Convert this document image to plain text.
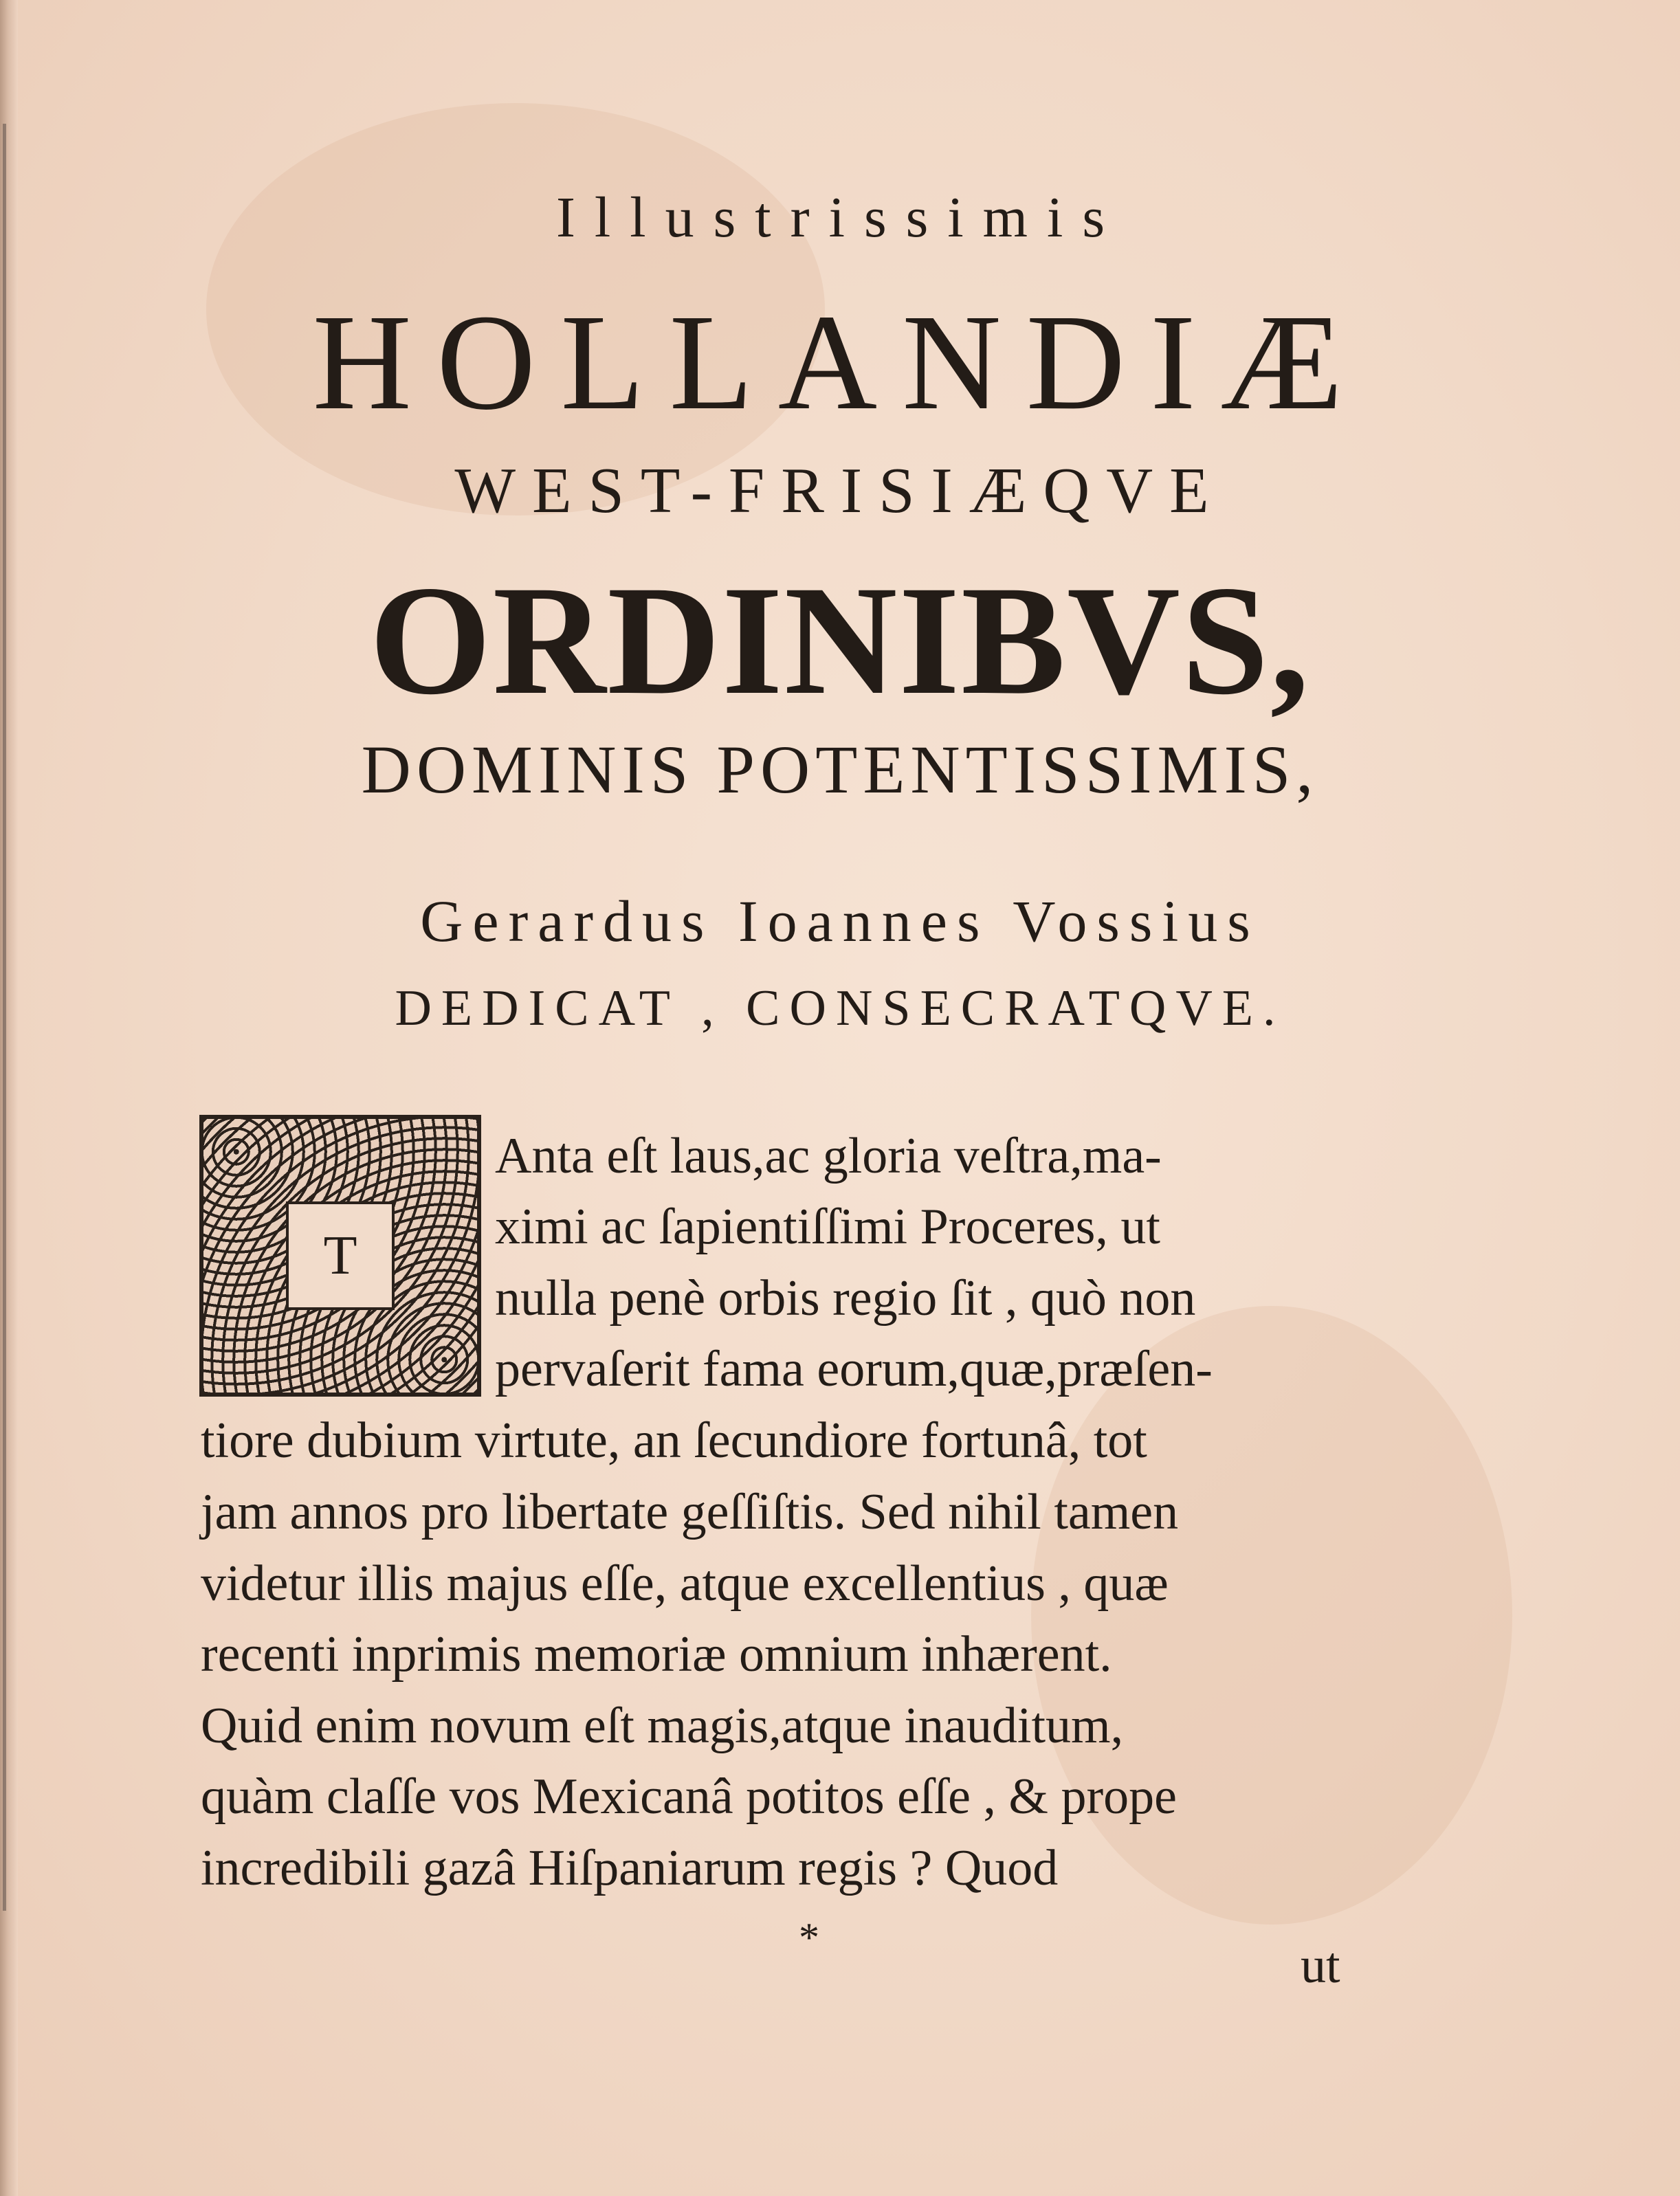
Illustrissimis
HOLLANDIÆ
WEST-FRISIÆQVE
ORDINIBVS,
DOMINIS POTENTISSIMIS,
Gerardus Ioannes Vossius
DEDICAT , CONSECRATQVE.
T
Anta eſt laus,ac gloria veſtra,ma-
ximi ac ſapientiſſimi Proceres, ut
nulla penè orbis regio ſit , quò non
pervaſerit fama eorum,quæ,præſen-
tiore dubium virtute, an ſecundiore fortunâ, tot
jam annos pro libertate geſſiſtis. Sed nihil tamen
videtur illis majus eſſe, atque excellentius , quæ
recenti inprimis memoriæ omnium inhærent.
Quid enim novum eſt magis,atque inauditum,
quàm claſſe vos Mexicanâ potitos eſſe , & prope
incredibili gazâ Hiſpaniarum regis ? Quod
*	ut
